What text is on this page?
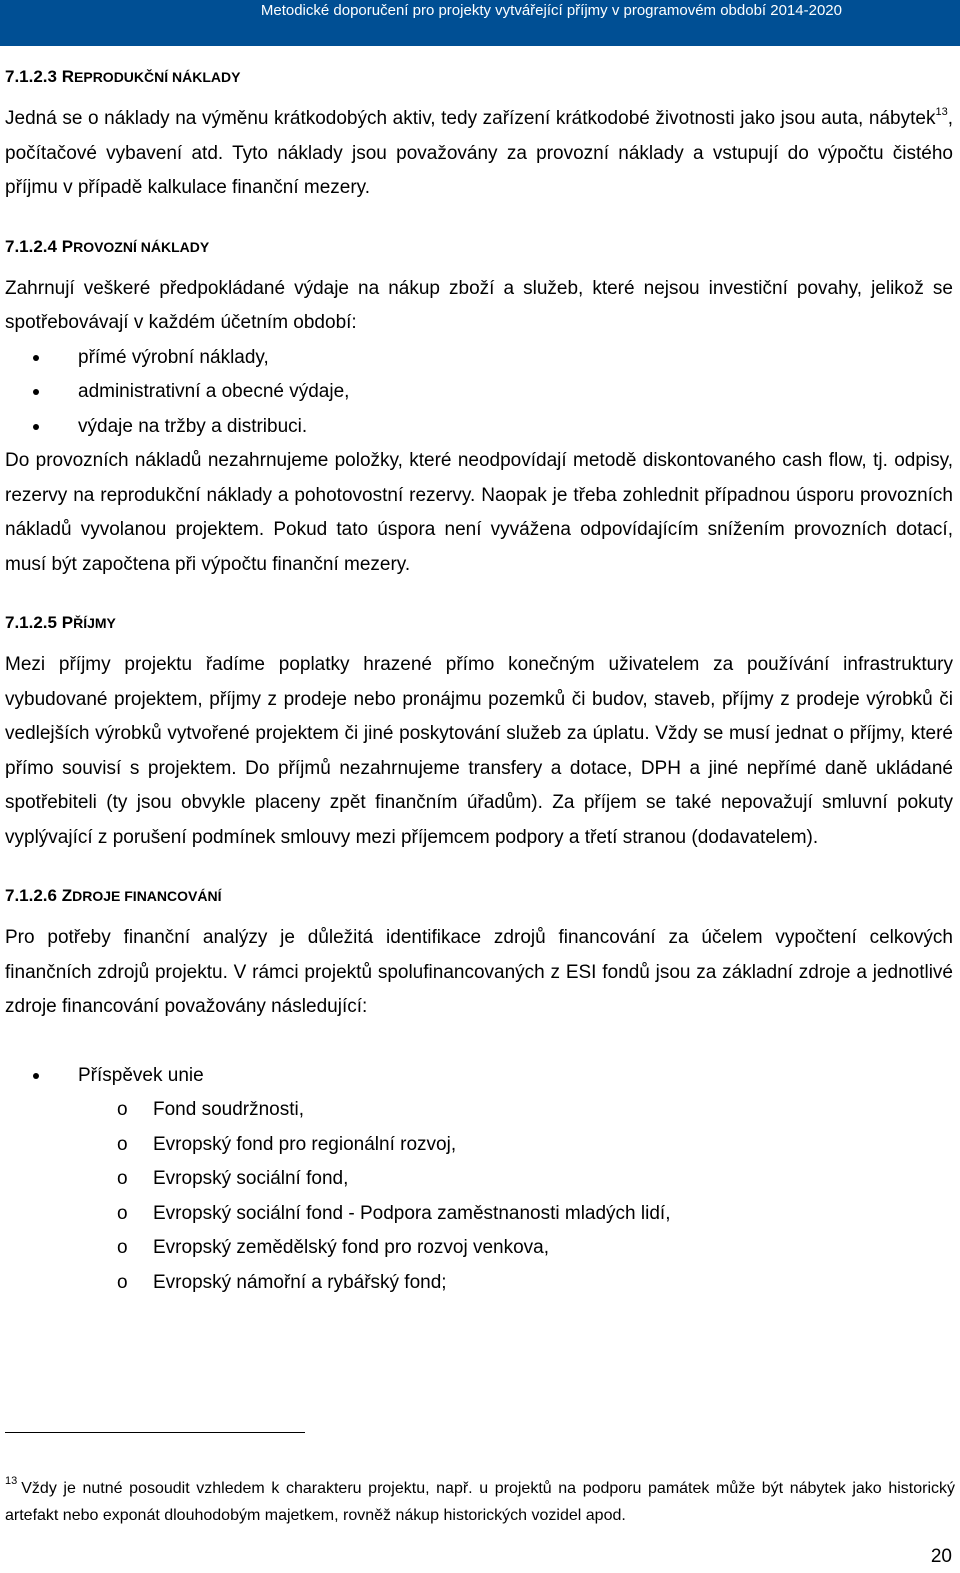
Metodické doporučení pro projekty vytvářející příjmy v programovém období 2014-2020
7.1.2.3 REPRODUKČNÍ NÁKLADY

Jedná se o náklady na výměnu krátkodobých aktiv, tedy zařízení krátkodobé životnosti jako jsou auta, nábytek$^{13}$, počítačové vybavení atd. Tyto náklady jsou považovány za provozní náklady a vstupují do výpočtu čistého příjmu v případě kalkulace finanční mezery.

7.1.2.4 PROVOZNÍ NÁKLADY

Zahrnují veškeré předpokládané výdaje na nákup zboží a služeb, které nejsou investiční povahy, jelikož se spotřebovávají v každém účetním období:

přímé výrobní náklady,
administrativní a obecné výdaje,
výdaje na tržby a distribuci.

Do provozních nákladů nezahrnujeme položky, které neodpovídají metodě diskontovaného cash flow, tj. odpisy, rezervy na reprodukční náklady a pohotovostní rezervy. Naopak je třeba zohlednit případnou úsporu provozních nákladů vyvolanou projektem. Pokud tato úspora není vyvážena odpovídajícím snížením provozních dotací, musí být započtena při výpočtu finanční mezery.

7.1.2.5 PŘÍJMY

Mezi příjmy projektu řadíme poplatky hrazené přímo konečným uživatelem za používání infrastruktury vybudované projektem, příjmy z prodeje nebo pronájmu pozemků či budov, staveb, příjmy z prodeje výrobků či vedlejších výrobků vytvořené projektem či jiné poskytování služeb za úplatu. Vždy se musí jednat o příjmy, které přímo souvisí s projektem. Do příjmů nezahrnujeme transfery a dotace, DPH a jiné nepřímé daně ukládané spotřebiteli (ty jsou obvykle placeny zpět finančním úřadům). Za příjem se také nepovažují smluvní pokuty vyplývající z porušení podmínek smlouvy mezi příjemcem podpory a třetí stranou (dodavatelem).

7.1.2.6 ZDROJE FINANCOVÁNÍ

Pro potřeby finanční analýzy je důležitá identifikace zdrojů financování za účelem vypočtení celkových finančních zdrojů projektu. V rámci projektů spolufinancovaných z ESI fondů jsou za základní zdroje a jednotlivé zdroje financování považovány následující:

Příspěvek unie
o Fond soudržnosti,
o Evropský fond pro regionální rozvoj,
o Evropský sociální fond,
o Evropský sociální fond - Podpora zaměstnanosti mladých lidí,
o Evropský zemědělský fond pro rozvoj venkova,
o Evropský námořní a rybářský fond;
$^{13}$ Vždy je nutné posoudit vzhledem k charakteru projektu, např. u projektů na podporu památek může být nábytek jako historický artefakt nebo exponát dlouhodobým majetkem, rovněž nákup historických vozidel apod.
20
